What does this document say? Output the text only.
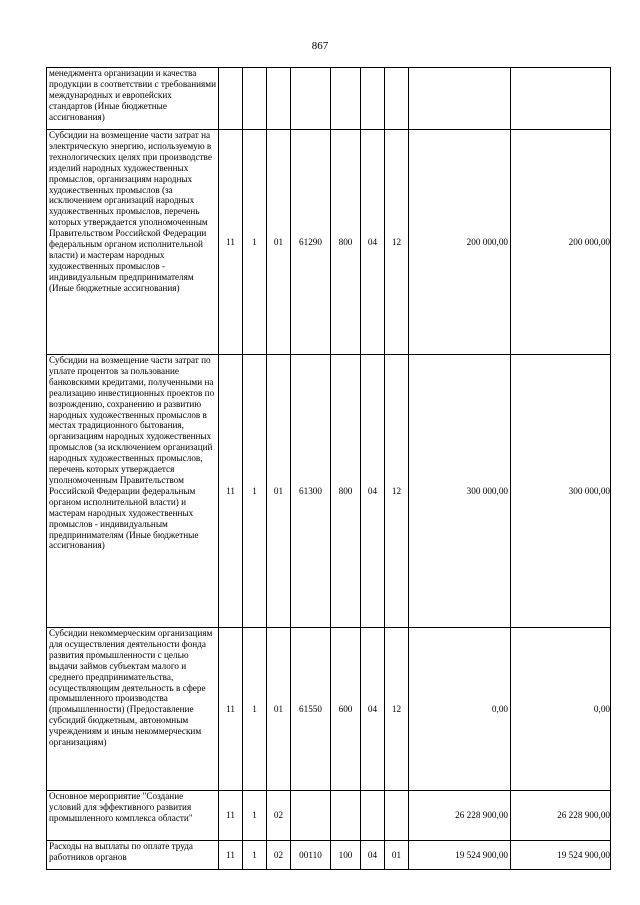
867
менеджмента организации и качества продукции в соответствии с требованиями международных и европейских стандартов (Иные бюджетные ассигнования)									
Субсидии на возмещение части затрат на электрическую энергию, используемую в технологических целях при производстве изделий народных художественных промыслов, организациям народных художественных промыслов (за исключением организаций народных художественных промыслов, перечень которых утверждается уполномоченным Правительством Российской Федерации федеральным органом исполнительной власти) и мастерам народных художественных промыслов - индивидуальным предпринимателям (Иные бюджетные ассигнования)	11	1	01	61290	800	04	12	200 000,00	200 000,00
Субсидии на возмещение части затрат по уплате процентов за пользование банковскими кредитами, полученными на реализацию инвестиционных проектов по возрождению, сохранению и развитию народных художественных промыслов в местах традиционного бытования, организациям народных художественных промыслов (за исключением организаций народных художественных промыслов, перечень которых утверждается уполномоченным Правительством Российской Федерации федеральным органом исполнительной власти) и мастерам народных художественных промыслов - индивидуальным предпринимателям (Иные бюджетные ассигнования)	11	1	01	61300	800	04	12	300 000,00	300 000,00
Субсидии некоммерческим организациям для осуществления деятельности фонда развития промышленности с целью выдачи займов субъектам малого и среднего предпринимательства, осуществляющим деятельность в сфере промышленного производства (промышленности) (Предоставление субсидий бюджетным, автономным учреждениям и иным некоммерческим организациям)	11	1	01	61550	600	04	12	0,00	0,00
Основное мероприятие "Создание условий для эффективного развития промышленного комплекса области"	11	1	02					26 228 900,00	26 228 900,00
Расходы на выплаты по оплате труда работников органов	11	1	02	00110	100	04	01	19 524 900,00	19 524 900,00
